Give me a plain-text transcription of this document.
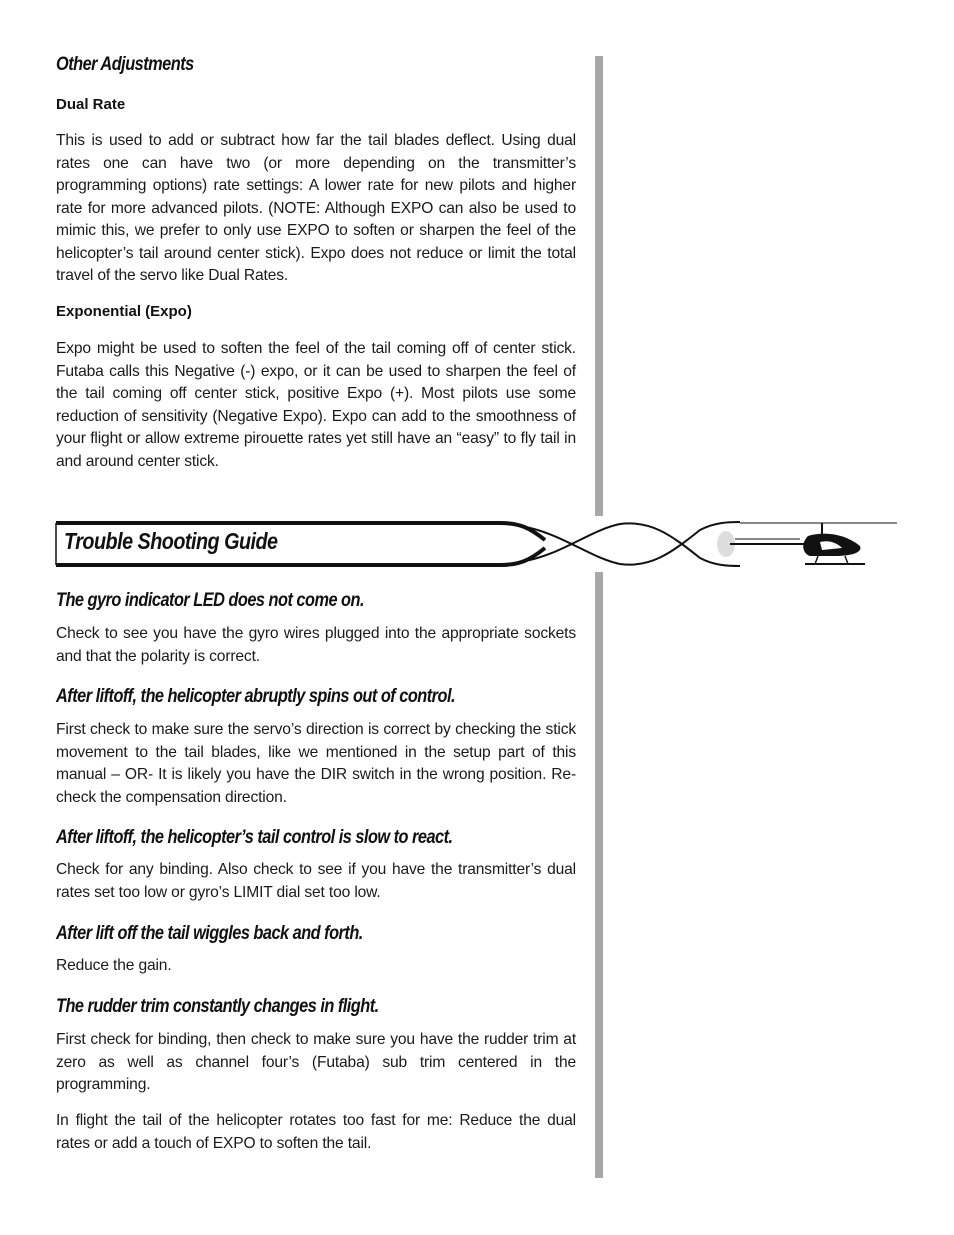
Other Adjustments
Dual Rate

This is used to add or subtract how far the tail blades deflect. Using dual rates one can have two (or more depending on the transmitter’s programming options) rate settings: A lower rate for new pilots and higher rate for more advanced pilots. (NOTE: Although EXPO can also be used to mimic this, we prefer to only use EXPO to soften or sharpen the feel of the helicopter’s tail around center stick). Expo does not reduce or limit the total travel of the servo like Dual Rates.

Exponential (Expo)

Expo might be used to soften the feel of the tail coming off of center stick. Futaba calls this Negative (-) expo, or it can be used to sharpen the feel of the tail coming off center stick, positive Expo (+). Most pilots use some reduction of sensitivity (Negative Expo). Expo can add to the smoothness of your flight or allow extreme pirouette rates yet still have an “easy” to fly tail in and around center stick.

Trouble Shooting Guide
The gyro indicator LED does not come on.

Check to see you have the gyro wires plugged into the appropriate sockets and that the polarity is correct.

After liftoff, the helicopter abruptly spins out of control.

First check to make sure the servo’s direction is correct by checking the stick movement to the tail blades, like we mentioned in the setup part of this manual – OR- It is likely you have the DIR switch in the wrong position. Re-check the compensation direction.

After liftoff, the helicopter’s tail control is slow to react.

Check for any binding. Also check to see if you have the transmitter’s dual rates set too low or gyro’s LIMIT dial set too low.

After lift off the tail wiggles back and forth.

Reduce the gain.

The rudder trim constantly changes in flight.

First check for binding, then check to make sure you have the rudder trim at zero as well as channel four’s (Futaba) sub trim centered in the programming.

In flight the tail of the helicopter rotates too fast for me: Reduce the dual rates or add a touch of EXPO to soften the tail.
